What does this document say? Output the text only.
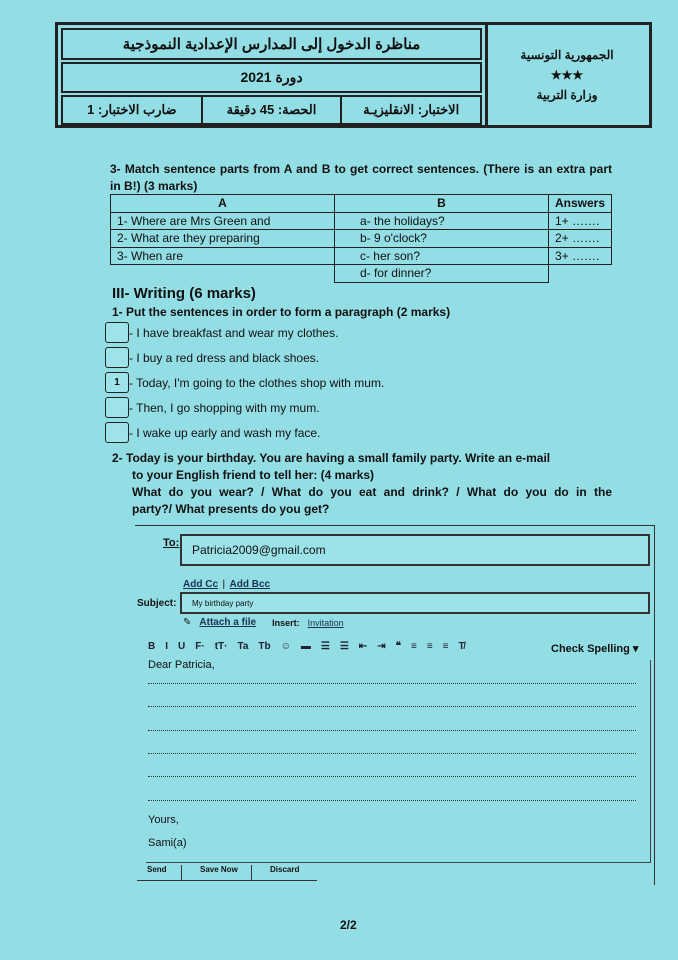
مناظرة الدخول إلى المدارس الإعدادية النموذجية
دورة 2021
الاختبار: الانقليزيـة
الحصة: 45 دقيقة
ضارب الاختبار: 1
الجمهورية التونسية
★★★
وزارة التربية
3- Match sentence parts from A and B to get correct sentences. (There is an extra part in B!) (3 marks)
A	B	Answers
1- Where are Mrs Green and	a- the holidays?	1+ …….
2- What are they preparing	b- 9 o'clock?	2+ …….
3- When are	c- her son?	3+ …….
	d- for dinner?	
III- Writing (6 marks)
1- Put the sentences in order to form a paragraph (2 marks)
- I have breakfast and wear my clothes.
- I buy a red dress and black shoes.
1 - Today, I'm going to the clothes shop with mum.
- Then, I go shopping with my mum.
- I wake up early and wash my face.
2- Today is your birthday. You are having a small family party. Write an e-mail
to your English friend to tell her: (4 marks)
What do you wear? / What do you eat and drink? / What do you do in the
party?/ What presents do you get?
To:	Patricia2009@gmail.com
Add Cc | Add Bcc
Subject:	My birthday party
✎ Attach a file Insert: Invitation
B I U F· tT· Ta Tb ☺ ▬ ☰ ☰ ⇤ ⇥ ❝ ≡ ≡ ≡ T̸	Check Spelling ▾
Dear Patricia,
Yours,
Sami(a)
Send	Save Now	Discard
2/2
